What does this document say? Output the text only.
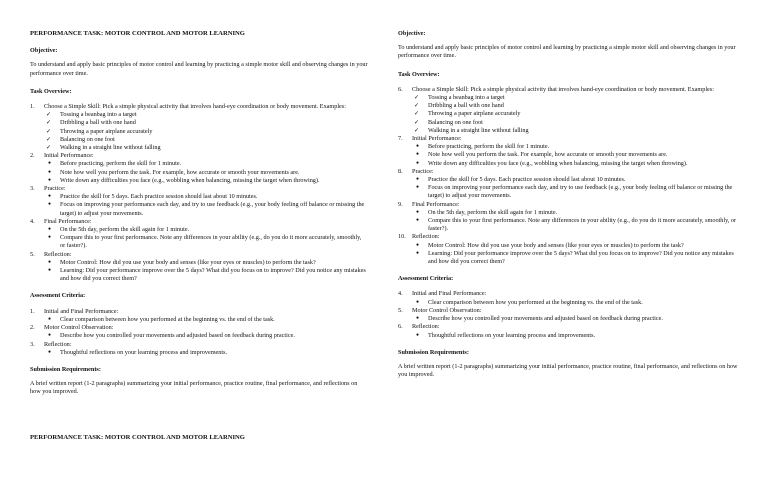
PERFORMANCE TASK: MOTOR CONTROL AND MOTOR LEARNING
Objective:
To understand and apply basic principles of motor control and learning by practicing a simple motor skill and observing changes in your performance over time.
Task Overview:
1. Choose a Simple Skill: Pick a simple physical activity that involves hand-eye coordination or body movement. Examples:
✓ Tossing a beanbag into a target
✓ Dribbling a ball with one hand
✓ Throwing a paper airplane accurately
✓ Balancing on one foot
✓ Walking in a straight line without falling
2. Initial Performance:
● Before practicing, perform the skill for 1 minute.
● Note how well you perform the task. For example, how accurate or smooth your movements are.
● Write down any difficulties you face (e.g., wobbling when balancing, missing the target when throwing).
3. Practice:
● Practice the skill for 5 days. Each practice session should last about 10 minutes.
● Focus on improving your performance each day, and try to use feedback (e.g., your body feeling off balance or missing the target) to adjust your movements.
4. Final Performance:
● On the 5th day, perform the skill again for 1 minute.
● Compare this to your first performance. Note any differences in your ability (e.g., do you do it more accurately, smoothly, or faster?).
5. Reflection:
● Motor Control: How did you use your body and senses (like your eyes or muscles) to perform the task?
● Learning: Did your performance improve over the 5 days? What did you focus on to improve? Did you notice any mistakes and how did you correct them?
Assessment Criteria:
1. Initial and Final Performance:
● Clear comparison between how you performed at the beginning vs. the end of the task.
2. Motor Control Observation:
● Describe how you controlled your movements and adjusted based on feedback during practice.
3. Reflection:
● Thoughtful reflections on your learning process and improvements.
Submission Requirements:
A brief written report (1-2 paragraphs) summarizing your initial performance, practice routine, final performance, and reflections on how you improved.
PERFORMANCE TASK: MOTOR CONTROL AND MOTOR LEARNING
Objective:
To understand and apply basic principles of motor control and learning by practicing a simple motor skill and observing changes in your performance over time.
Task Overview:
6. Choose a Simple Skill: Pick a simple physical activity that involves hand-eye coordination or body movement. Examples:
✓ Tossing a beanbag into a target
✓ Dribbling a ball with one hand
✓ Throwing a paper airplane accurately
✓ Balancing on one foot
✓ Walking in a straight line without falling
7. Initial Performance:
● Before practicing, perform the skill for 1 minute.
● Note how well you perform the task. For example, how accurate or smooth your movements are.
● Write down any difficulties you face (e.g., wobbling when balancing, missing the target when throwing).
8. Practice:
● Practice the skill for 5 days. Each practice session should last about 10 minutes.
● Focus on improving your performance each day, and try to use feedback (e.g., your body feeling off balance or missing the target) to adjust your movements.
9. Final Performance:
● On the 5th day, perform the skill again for 1 minute.
● Compare this to your first performance. Note any differences in your ability (e.g., do you do it more accurately, smoothly, or faster?).
10. Reflection:
● Motor Control: How did you use your body and senses (like your eyes or muscles) to perform the task?
● Learning: Did your performance improve over the 5 days? What did you focus on to improve? Did you notice any mistakes and how did you correct them?
Assessment Criteria:
4. Initial and Final Performance:
● Clear comparison between how you performed at the beginning vs. the end of the task.
5. Motor Control Observation:
● Describe how you controlled your movements and adjusted based on feedback during practice.
6. Reflection:
● Thoughtful reflections on your learning process and improvements.
Submission Requirements:
A brief written report (1-2 paragraphs) summarizing your initial performance, practice routine, final performance, and reflections on how you improved.
